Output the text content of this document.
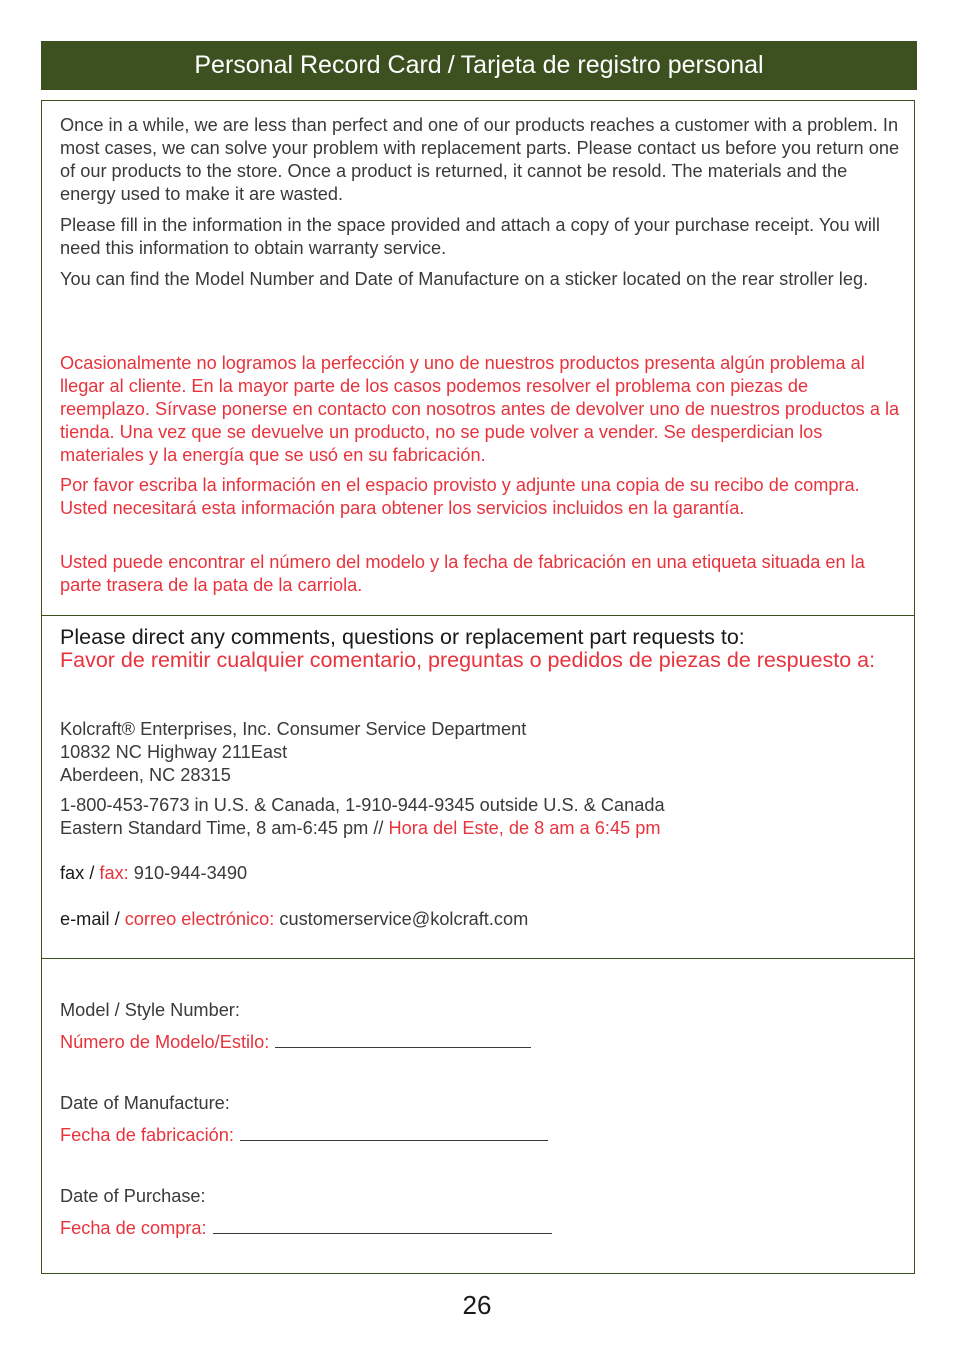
Personal Record Card / Tarjeta de registro personal

Once in a while, we are less than perfect and one of our products reaches a customer with a problem. In most cases, we can solve your problem with replacement parts. Please contact us before you return one of our products to the store. Once a product is returned, it cannot be resold. The materials and the energy used to make it are wasted.

Please fill in the information in the space provided and attach a copy of your purchase receipt. You will need this information to obtain warranty service.

You can find the Model Number and Date of Manufacture on a sticker located on the rear stroller leg.

Ocasionalmente no logramos la perfección y uno de nuestros productos presenta algún problema al llegar al cliente. En la mayor parte de los casos podemos resolver el problema con piezas de reemplazo. Sírvase ponerse en contacto con nosotros antes de devolver uno de nuestros productos a la tienda. Una vez que se devuelve un producto, no se pude volver a vender. Se desperdician los materiales y la energía que se usó en su fabricación.

Por favor escriba la información en el espacio provisto y adjunte una copia de su recibo de compra. Usted necesitará esta información para obtener los servicios incluidos en la garantía.

Usted puede encontrar el número del modelo y la fecha de fabricación en una etiqueta situada en la parte trasera de la pata de la carriola.

Please direct any comments, questions or replacement part requests to:

Favor de remitir cualquier comentario, preguntas o pedidos de piezas de respuesto a:

Kolcraft® Enterprises, Inc. Consumer Service Department
10832 NC Highway 211East
Aberdeen, NC 28315

1-800-453-7673 in U.S. & Canada, 1-910-944-9345 outside U.S. & Canada
Eastern Standard Time, 8 am-6:45 pm // Hora del Este, de 8 am a 6:45 pm

fax / fax: 910-944-3490

e-mail / correo electrónico: customerservice@kolcraft.com

Model / Style Number:

Número de Modelo/Estilo:

Date of Manufacture:

Fecha de fabricación:

Date of Purchase:

Fecha de compra:

26
